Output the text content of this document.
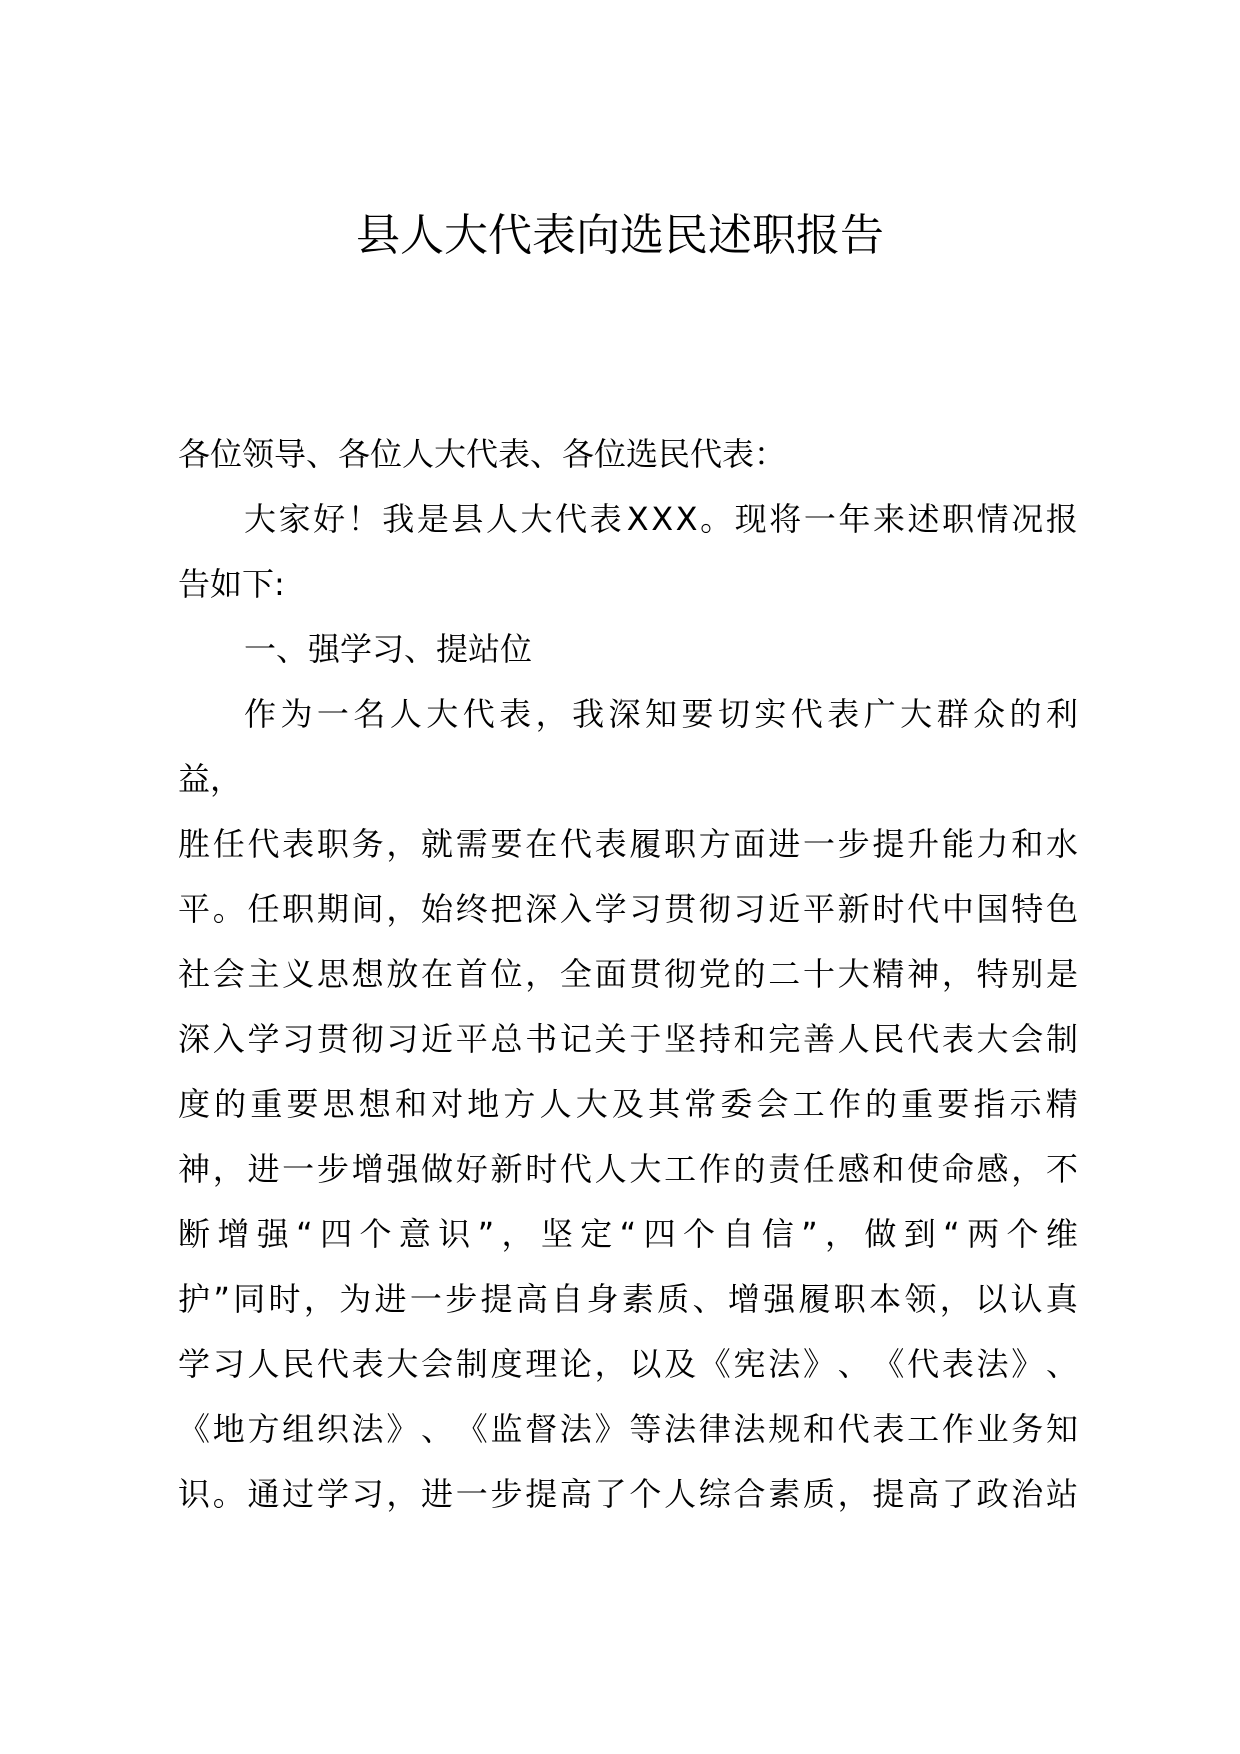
县人大代表向选民述职报告
各位领导、各位人大代表、各位选民代表：
大 家 好 ！ 我 是 县 人 大 代 表 X X X 。 现 将 一 年 来 述 职 情 况 报
告如下:
一、强学习、提站位
作 为 一 名 人 大 代 表 ， 我 深 知 要 切 实 代 表 广 大 群 众 的 利
益，
胜 任 代 表 职 务 ， 就 需 要 在 代 表 履 职 方 面 进 一 步 提 升 能 力 和 水
平 。 任 职 期 间 ， 始 终 把 深 入 学 习 贯 彻 习 近 平 新 时 代 中 国 特 色
社 会 主 义 思 想 放 在 首 位 ， 全 面 贯 彻 党 的 二 十 大 精 神 ， 特 别 是
深 入 学 习 贯 彻 习 近 平 总 书 记 关 于 坚 持 和 完 善 人 民 代 表 大 会 制
度 的 重 要 思 想 和 对 地 方 人 大 及 其 常 委 会 工 作 的 重 要 指 示 精
神 ， 进 一 步 增 强 做 好 新 时 代 人 大 工 作 的 责 任 感 和 使 命 感 ， 不
断 增 强 “ 四 个 意 识 ” ， 坚 定 “ 四 个 自 信 ” ， 做 到 “ 两 个 维
护 ” 同 时 ， 为 进 一 步 提 高 自 身 素 质 、 增 强 履 职 本 领 ， 以 认 真
学 习 人 民 代 表 大 会 制 度 理 论 ， 以 及 《 宪 法 》 、 《 代 表 法 》 、
《 地 方 组 织 法 》 、 《 监 督 法 》 等 法 律 法 规 和 代 表 工 作 业 务 知
识 。 通 过 学 习 ， 进 一 步 提 高 了 个 人 综 合 素 质 ， 提 高 了 政 治 站
